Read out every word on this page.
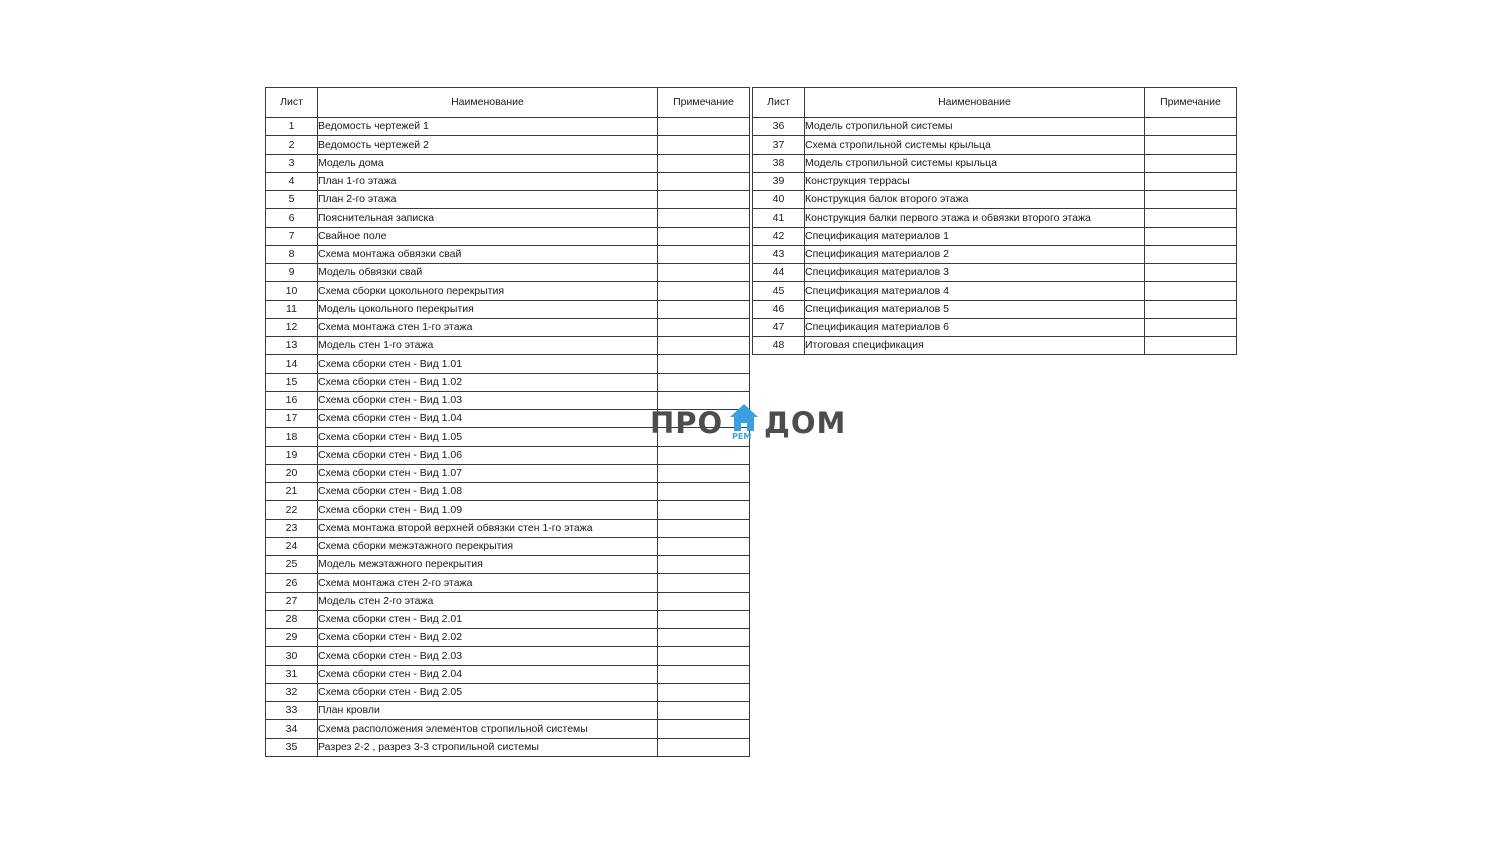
Лист	Наименование	Примечание
1	Ведомость чертежей 1	
2	Ведомость чертежей 2	
3	Модель дома	
4	План 1-го этажа	
5	План 2-го этажа	
6	Пояснительная записка	
7	Свайное поле	
8	Схема монтажа обвязки свай	
9	Модель обвязки свай	
10	Схема сборки цокольного перекрытия	
11	Модель цокольного перекрытия	
12	Схема монтажа стен 1-го этажа	
13	Модель стен 1-го этажа	
14	Схема сборки стен - Вид 1.01	
15	Схема сборки стен - Вид 1.02	
16	Схема сборки стен - Вид 1.03	
17	Схема сборки стен - Вид 1.04	
18	Схема сборки стен - Вид 1.05	
19	Схема сборки стен - Вид 1.06	
20	Схема сборки стен - Вид 1.07	
21	Схема сборки стен - Вид 1.08	
22	Схема сборки стен - Вид 1.09	
23	Схема монтажа второй верхней обвязки стен 1-го этажа	
24	Схема сборки межэтажного перекрытия	
25	Модель межэтажного перекрытия	
26	Схема монтажа стен 2-го этажа	
27	Модель стен 2-го этажа	
28	Схема сборки стен - Вид 2.01	
29	Схема сборки стен - Вид 2.02	
30	Схема сборки стен - Вид 2.03	
31	Схема сборки стен - Вид 2.04	
32	Схема сборки стен - Вид 2.05	
33	План кровли	
34	Схема расположения элементов стропильной системы	
35	Разрез 2-2 , разрез 3-3 стропильной системы	
Лист	Наименование	Примечание
36	Модель стропильной системы	
37	Схема стропильной системы крыльца	
38	Модель стропильной системы крыльца	
39	Конструкция террасы	
40	Конструкция балок второго этажа	
41	Конструкция балки первого этажа и обвязки второго этажа	
42	Спецификация материалов 1	
43	Спецификация материалов 2	
44	Спецификация материалов 3	
45	Спецификация материалов 4	
46	Спецификация материалов 5	
47	Спецификация материалов 6	
48	Итоговая спецификация	
ПРО РЕМ ДОМ
